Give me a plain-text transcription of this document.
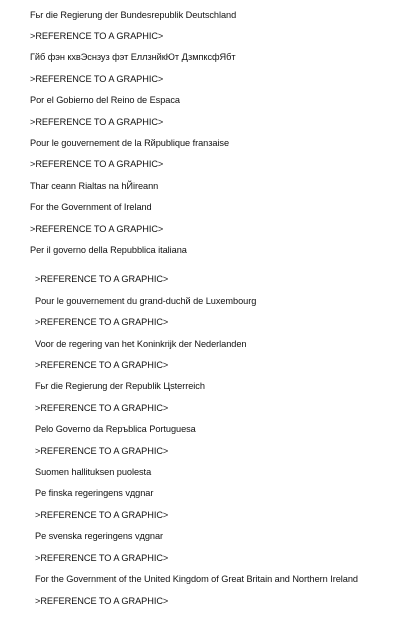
Fьr die Regierung der Bundesrepublik Deutschland
>REFERENCE TO A GRAPHIC>
Гйб фэн кхвЭснзуз фэт ЕллзнйкЮт ДзмпксфЯбт
>REFERENCE TO A GRAPHIC>
Por el Gobierno del Reino de Espaсa
>REFERENCE TO A GRAPHIC>
Pour le gouvernement de la Rйpublique franзaise
>REFERENCE TO A GRAPHIC>
Thar ceann Rialtas na hЙireann
For the Government of Ireland
>REFERENCE TO A GRAPHIC>
Per il governo della Repubblica italiana
>REFERENCE TO A GRAPHIC>
Pour le gouvernement du grand-duchй de Luxembourg
>REFERENCE TO A GRAPHIC>
Voor de regering van het Koninkrijk der Nederlanden
>REFERENCE TO A GRAPHIC>
Fьr die Regierung der Republik Цsterreich
>REFERENCE TO A GRAPHIC>
Pelo Governo da Repъblica Portuguesa
>REFERENCE TO A GRAPHIC>
Suomen hallituksen puolesta
Pе finska regeringens vдgnar
>REFERENCE TO A GRAPHIC>
Pе svenska regeringens vдgnar
>REFERENCE TO A GRAPHIC>
For the Government of the United Kingdom of Great Britain and Northern Ireland
>REFERENCE TO A GRAPHIC>
